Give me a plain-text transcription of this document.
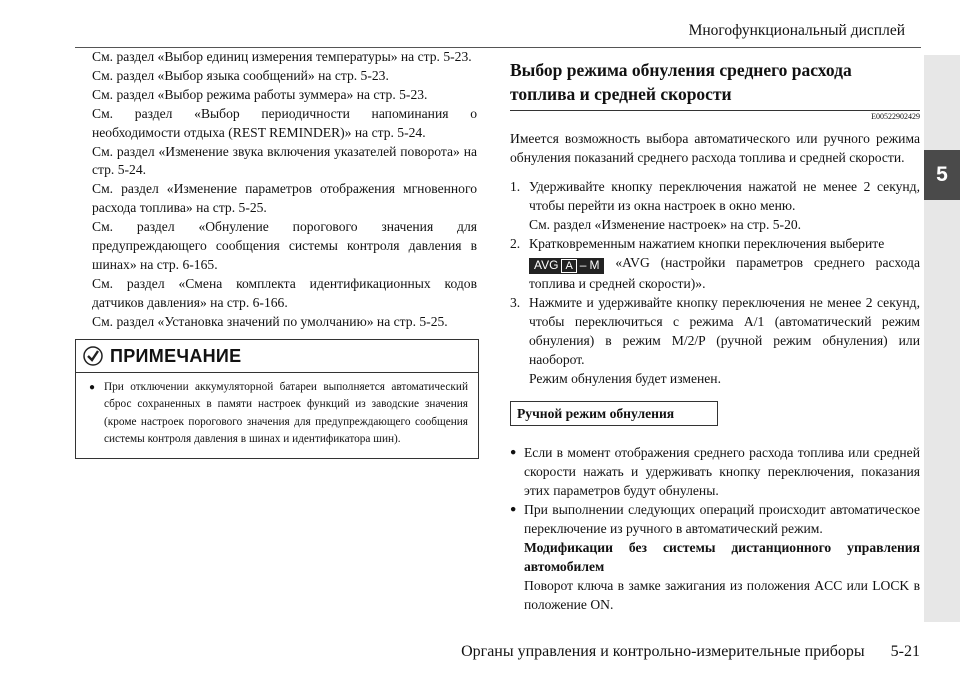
Многофункциональный дисплей
5

См. раздел «Выбор единиц измерения температуры» на стр. 5-23.

См. раздел «Выбор языка сообщений» на стр. 5-23.

См. раздел «Выбор режима работы зуммера» на стр. 5-23.

См. раздел «Выбор периодичности напоминания о необходимости отдыха (REST REMINDER)» на стр. 5-24.

См. раздел «Изменение звука включения указателей поворота» на стр. 5-24.

См. раздел «Изменение параметров отображения мгновенного расхода топлива» на стр. 5-25.

См. раздел «Обнуление порогового значения для предупреждающего сообщения системы контроля давления в шинах» на стр. 6-165.

См. раздел «Смена комплекта идентификационных кодов датчиков давления» на стр. 6-166.

См. раздел «Установка значений по умолчанию» на стр. 5-25.

ПРИМЕЧАНИЕ
● При отключении аккумуляторной батареи выполняется автоматический сброс сохраненных в памяти настроек функций из заводские значения (кроме настроек порогового значения для предупреждающего сообщения системы контроля давления в шинах и идентификатора шин).
Выбор режима обнуления среднего расхода
топлива и средней скорости
E00522902429
Имеется возможность выбора автоматического или ручного режима обнуления показаний среднего расхода топлива и средней скорости.
1. Удерживайте кнопку переключения нажатой не менее 2 секунд, чтобы перейти из окна настроек в окно меню.
См. раздел «Изменение настроек» на стр. 5-20.
2. Кратковременным нажатием кнопки переключения выберите

AVG A – M «AVG (настройки параметров среднего расхода топлива и средней скорости)».
3. Нажмите и удерживайте кнопку переключения не менее 2 секунд, чтобы переключиться с режима A/1 (автоматический режим обнуления) в режим M/2/P (ручной режим обнуления) или наоборот.
Режим обнуления будет изменен.
Ручной режим обнуления
● Если в момент отображения среднего расхода топлива или средней скорости нажать и удерживать кнопку переключения, показания этих параметров будут обнулены.
● При выполнении следующих операций происходит автоматическое переключение из ручного в автоматический режим.
Модификации без системы дистанционного управления автомобилем
Поворот ключа в замке зажигания из положения ACC или LOCK в положение ON.
Органы управления и контрольно-измерительные приборы 5-21
